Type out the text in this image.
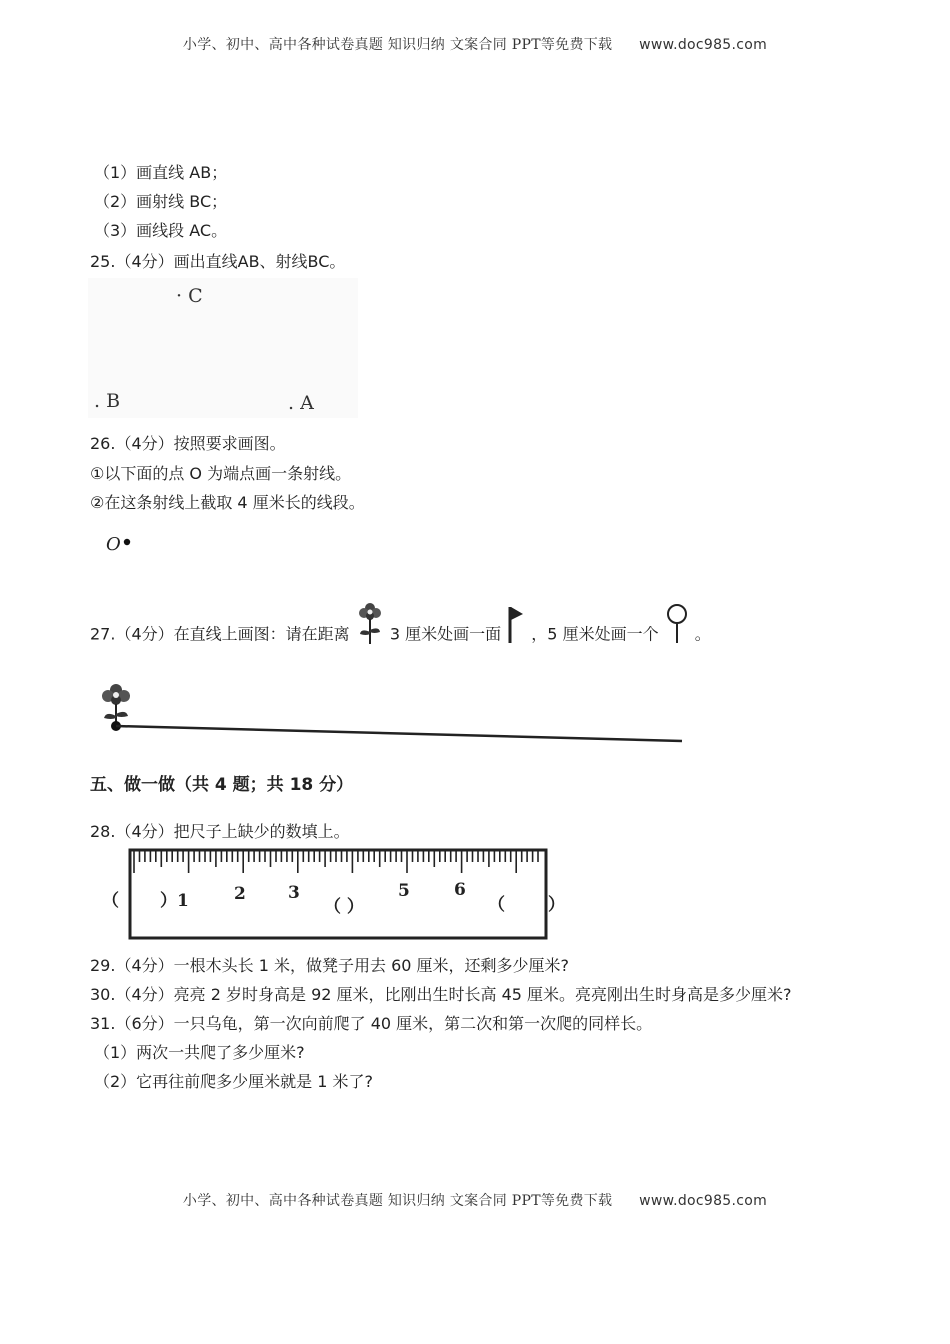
小学、初中、高中各种试卷真题 知识归纳 文案合同 PPT等免费下载 www.doc985.com
（1）画直线 AB；
（2）画射线 BC；
（3）画线段 AC。
25.（4分）画出直线AB、射线BC。
· C
. B	. A
26.（4分）按照要求画图。
①以下面的点 O 为端点画一条射线。
②在这条射线上截取 4 厘米长的线段。
O
27.（4分）在直线上画图：请在距离	3 厘米处画一面 ，5 厘米处画一个 。
五、做一做（共 4 题；共 18 分）
28.（4分）把尺子上缺少的数填上。
（ ）1	2 3
（ ）
5	6
（	）
29.（4分）一根木头长 1 米，做凳子用去 60 厘米，还剩多少厘米?
30.（4分）亮亮 2 岁时身高是 92 厘米，比刚出生时长高 45 厘米。亮亮刚出生时身高是多少厘米?
31.（6分）一只乌龟，第一次向前爬了 40 厘米，第二次和第一次爬的同样长。
（1）两次一共爬了多少厘米?
（2）它再往前爬多少厘米就是 1 米了?
小学、初中、高中各种试卷真题 知识归纳 文案合同 PPT等免费下载 www.doc985.com
